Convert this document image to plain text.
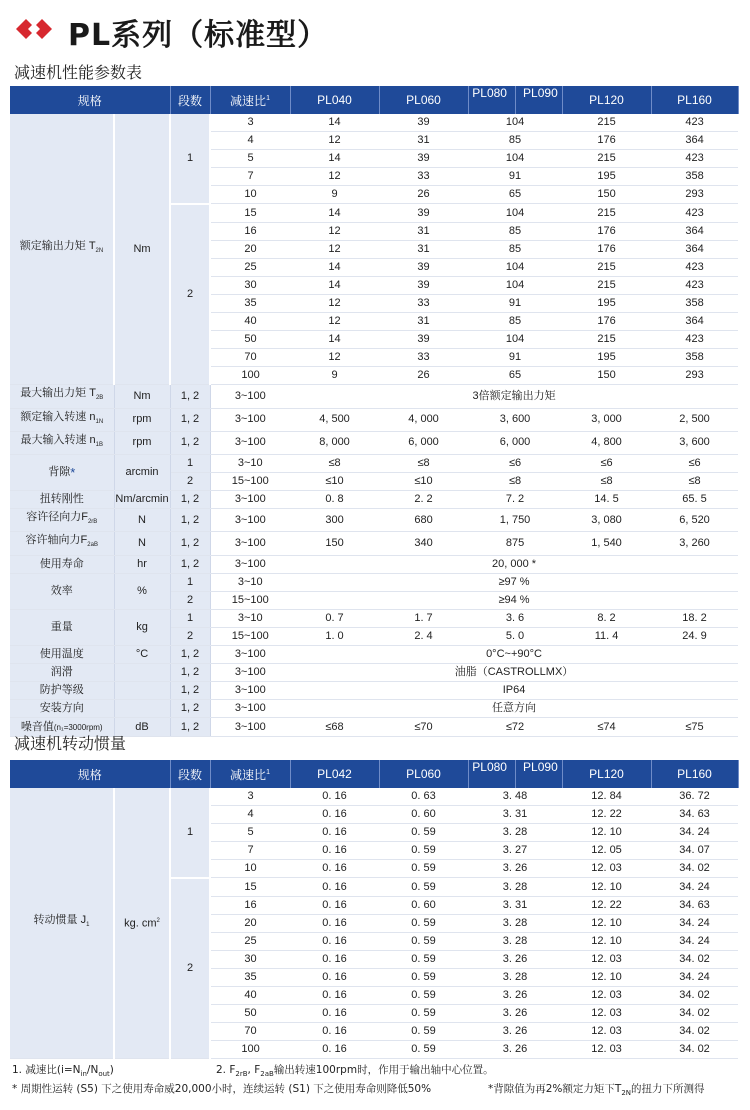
PL系列（标准型）
减速机性能参数表
规格		段数	减速比$^1$	PL040	PL060	PL080 PL090	PL120	PL160
额定输出力矩 $T_{2N}$	Nm	1	3	14	39	104	215	423
			4	12	31	85	176	364
			5	14	39	104	215	423
			7	12	33	91	195	358
			10	9	26	65	150	293
		2	15	14	39	104	215	423
			16	12	31	85	176	364
			20	12	31	85	176	364
			25	14	39	104	215	423
			30	14	39	104	215	423
			35	12	33	91	195	358
			40	12	31	85	176	364
			50	14	39	104	215	423
			70	12	33	91	195	358
			100	9	26	65	150	293
最大输出力矩 $T_{2B}$	Nm	1, 2	3~100	3倍额定输出力矩				
额定输入转速 $n_{1N}$	rpm	1, 2	3~100	4, 500	4, 000	3, 600	3, 000	2, 500
最大输入转速 $n_{1B}$	rpm	1, 2	3~100	8, 000	6, 000	6, 000	4, 800	3, 600
背隙*	arcmin	1	3~10	≤8	≤8	≤6	≤6	≤6
		2	15~100	≤10	≤10	≤8	≤8	≤8
扭转刚性	Nm/arcmin	1, 2	3~100	0. 8	2. 2	7. 2	14. 5	65. 5
容许径向力$F_{2rB}$	N	1, 2	3~100	300	680	1, 750	3, 080	6, 520
容许轴向力$F_{2aB}$	N	1, 2	3~100	150	340	875	1, 540	3, 260
使用寿命	hr	1, 2	3~100	20, 000 *				
效率	%	1	3~10	≥97 %				
		2	15~100	≥94 %				
重量	kg	1	3~10	0. 7	1. 7	3. 6	8. 2	18. 2
		2	15~100	1. 0	2. 4	5. 0	11. 4	24. 9
使用温度	°C	1, 2	3~100	0°C~+90°C				
润滑		1, 2	3~100	油脂（CASTROLLMX）				
防护等级		1, 2	3~100	IP64				
安装方向		1, 2	3~100	任意方向				
噪音值(n₁=3000rpm)	dB	1, 2	3~100	≤68	≤70	≤72	≤74	≤75
减速机转动惯量
规格		段数	减速比$^1$	PL042	PL060	PL080 PL090	PL120	PL160
转动惯量 $J_1$	kg. $cm^2$	1	3	0. 16	0. 63	3. 48	12. 84	36. 72
			4	0. 16	0. 60	3. 31	12. 22	34. 63
			5	0. 16	0. 59	3. 28	12. 10	34. 24
			7	0. 16	0. 59	3. 27	12. 05	34. 07
			10	0. 16	0. 59	3. 26	12. 03	34. 02
		2	15	0. 16	0. 59	3. 28	12. 10	34. 24
			16	0. 16	0. 60	3. 31	12. 22	34. 63
			20	0. 16	0. 59	3. 28	12. 10	34. 24
			25	0. 16	0. 59	3. 28	12. 10	34. 24
			30	0. 16	0. 59	3. 26	12. 03	34. 02
			35	0. 16	0. 59	3. 28	12. 10	34. 24
			40	0. 16	0. 59	3. 26	12. 03	34. 02
			50	0. 16	0. 59	3. 26	12. 03	34. 02
			70	0. 16	0. 59	3. 26	12. 03	34. 02
			100	0. 16	0. 59	3. 26	12. 03	34. 02
1. 减速比$(i=N_{in}/N_{out})$	2. $F_{2rB}$, $F_{2aB}$输出转速100rpm时，作用于输出轴中心位置。
* 周期性运转 (S5) 下之使用寿命威20,000小时，连续运转 (S1) 下之使用寿命则降低50%	*背隙值为再2%额定力矩下$T_{2N}$的扭力下所测得
